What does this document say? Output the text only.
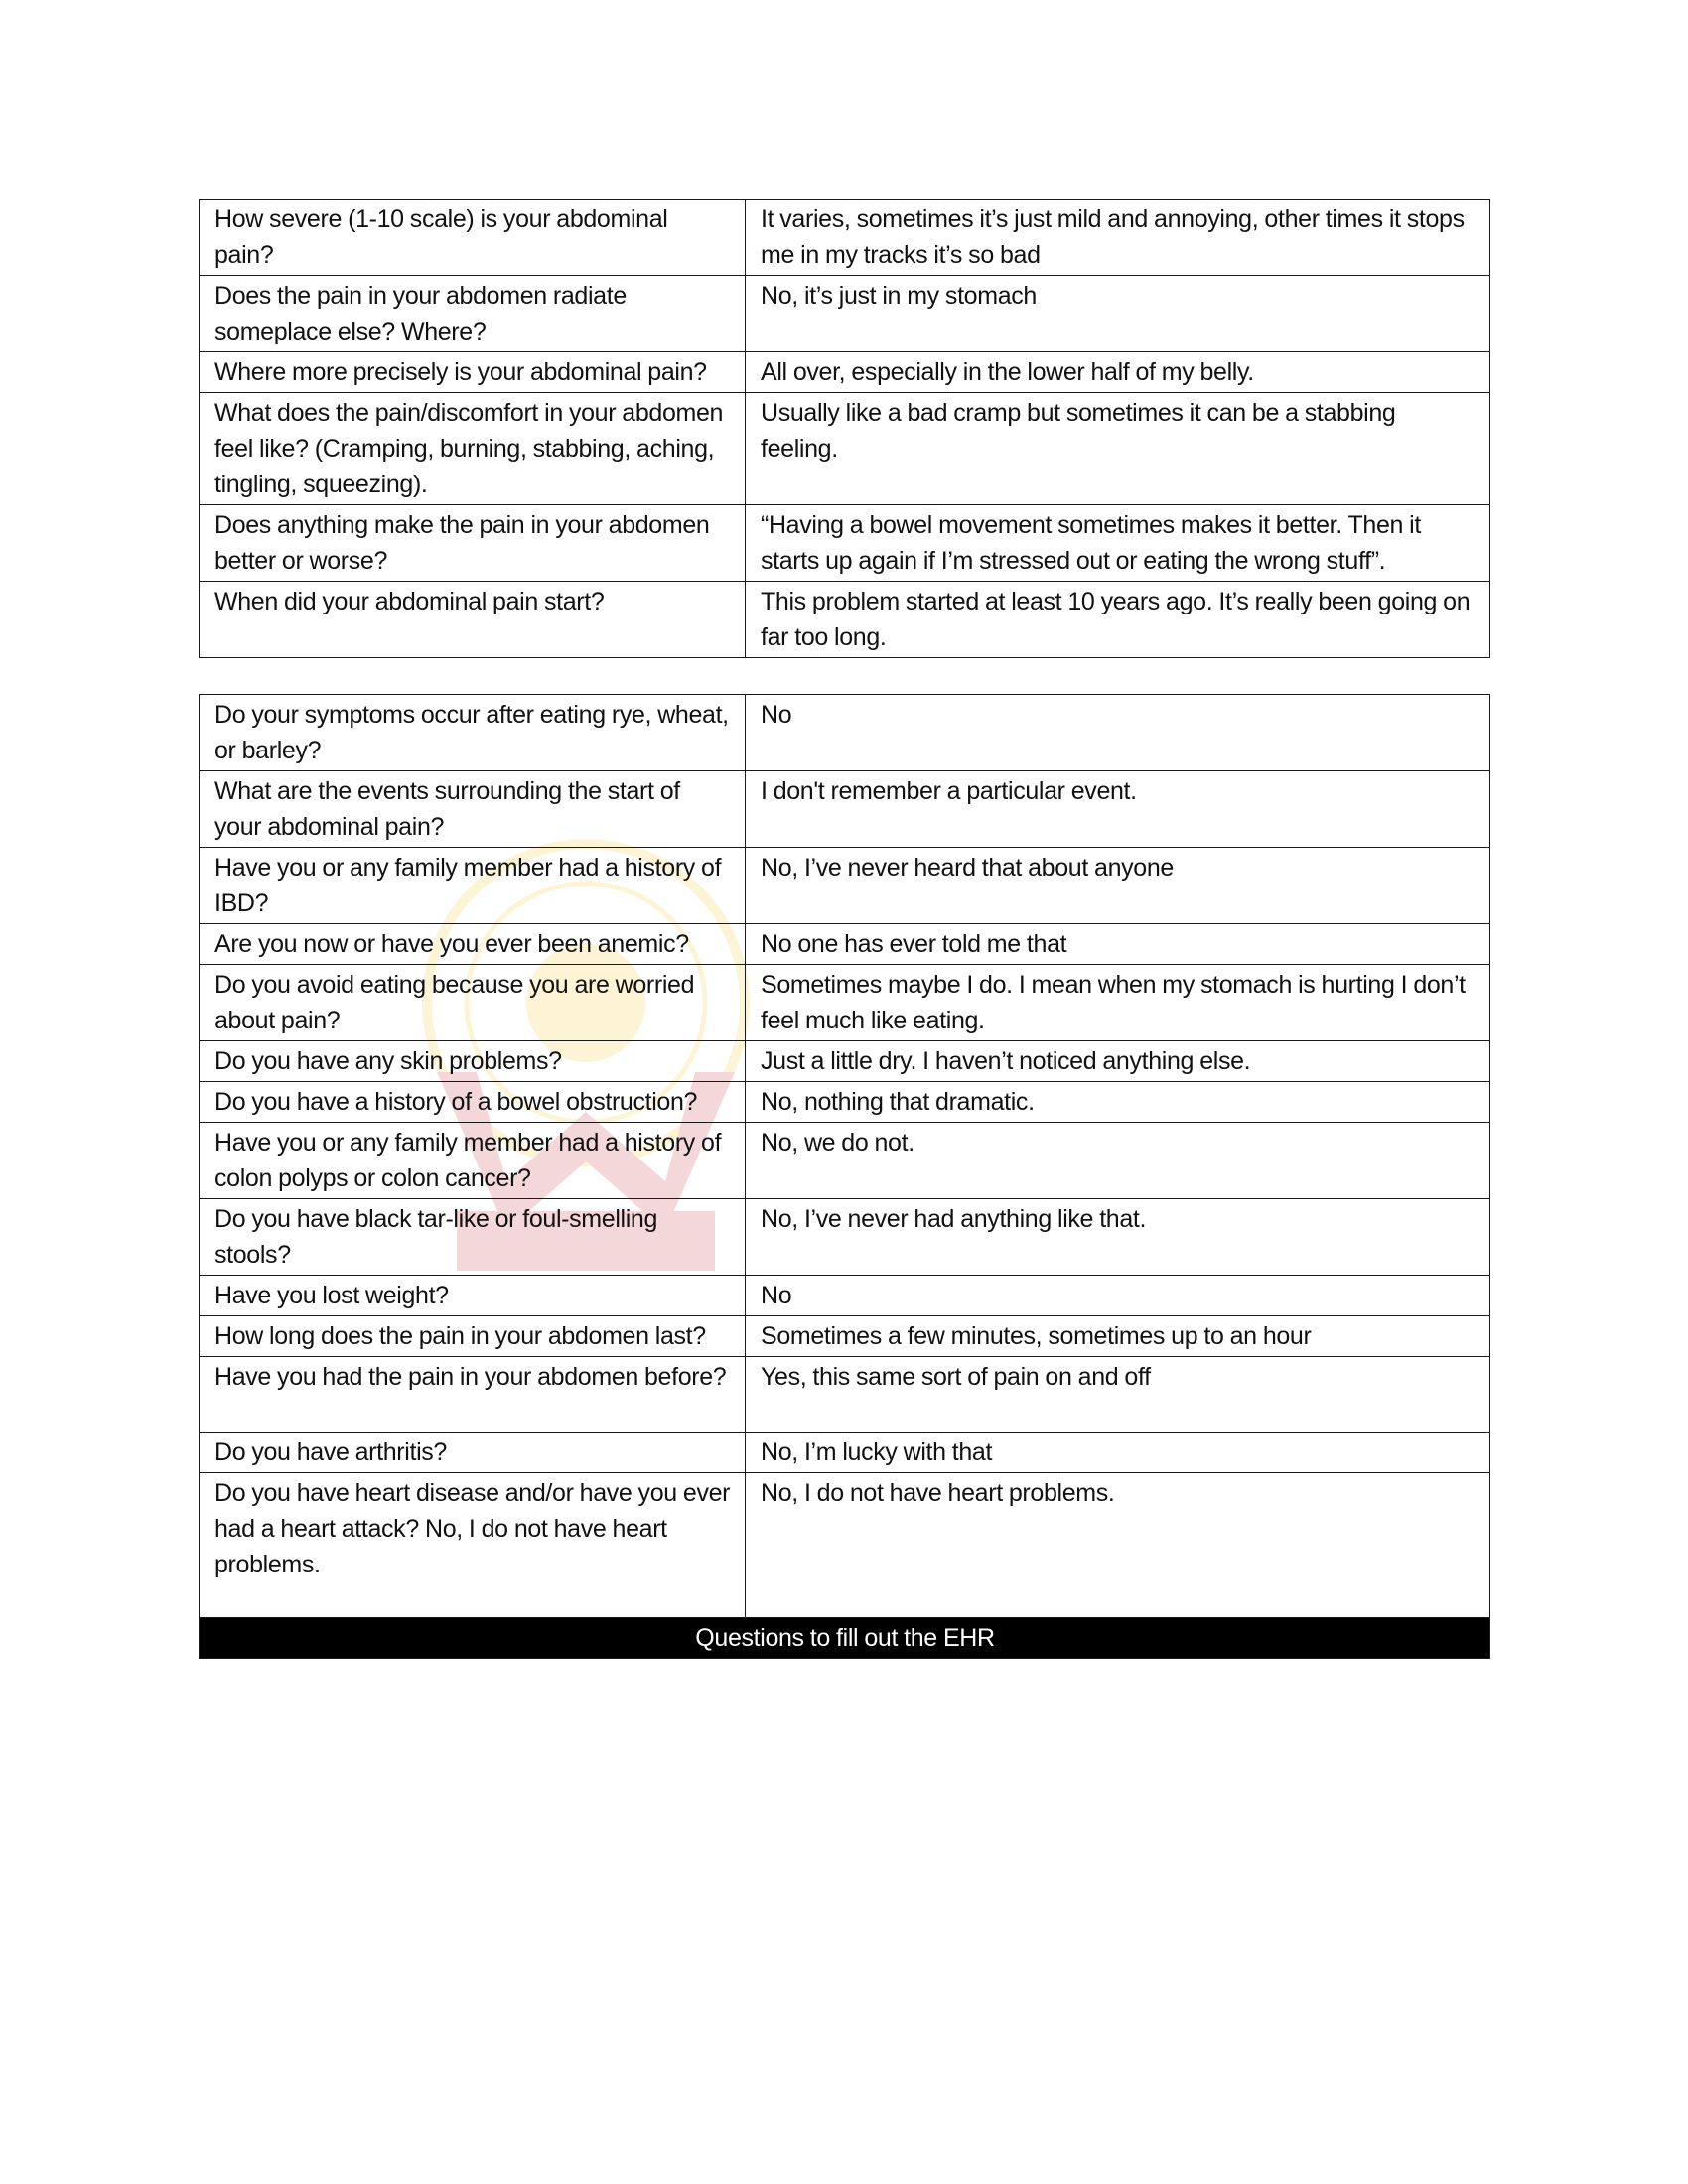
How severe (1-10 scale) is your abdominal pain?	It varies, sometimes it’s just mild and annoying, other times it stops me in my tracks it’s so bad

Does the pain in your abdomen radiate someplace else? Where?	No, it’s just in my stomach

Where more precisely is your abdominal pain?	All over, especially in the lower half of my belly.

What does the pain/discomfort in your abdomen feel like? (Cramping, burning, stabbing, aching, tingling, squeezing).	Usually like a bad cramp but sometimes it can be a stabbing feeling.

Does anything make the pain in your abdomen better or worse?	“Having a bowel movement sometimes makes it better. Then it starts up again if I’m stressed out or eating the wrong stuff”.

When did your abdominal pain start?	This problem started at least 10 years ago. It’s really been going on far too long.
Do your symptoms occur after eating rye, wheat, or barley?	No

What are the events surrounding the start of your abdominal pain?	I don't remember a particular event.

Have you or any family member had a history of IBD?	No, I’ve never heard that about anyone

Are you now or have you ever been anemic?	No one has ever told me that

Do you avoid eating because you are worried about pain?	Sometimes maybe I do. I mean when my stomach is hurting I don’t feel much like eating.

Do you have any skin problems?	Just a little dry. I haven’t noticed anything else.

Do you have a history of a bowel obstruction?	No, nothing that dramatic.

Have you or any family member had a history of colon polyps or colon cancer?	No, we do not.

Do you have black tar-like or foul-smelling stools?	No, I’ve never had anything like that.

Have you lost weight?	No

How long does the pain in your abdomen last?	Sometimes a few minutes, sometimes up to an hour

Have you had the pain in your abdomen before?	Yes, this same sort of pain on and off

Do you have arthritis?	No, I’m lucky with that

Do you have heart disease and/or have you ever had a heart attack? No, I do not have heart problems.	No, I do not have heart problems.

Questions to fill out the EHR	
